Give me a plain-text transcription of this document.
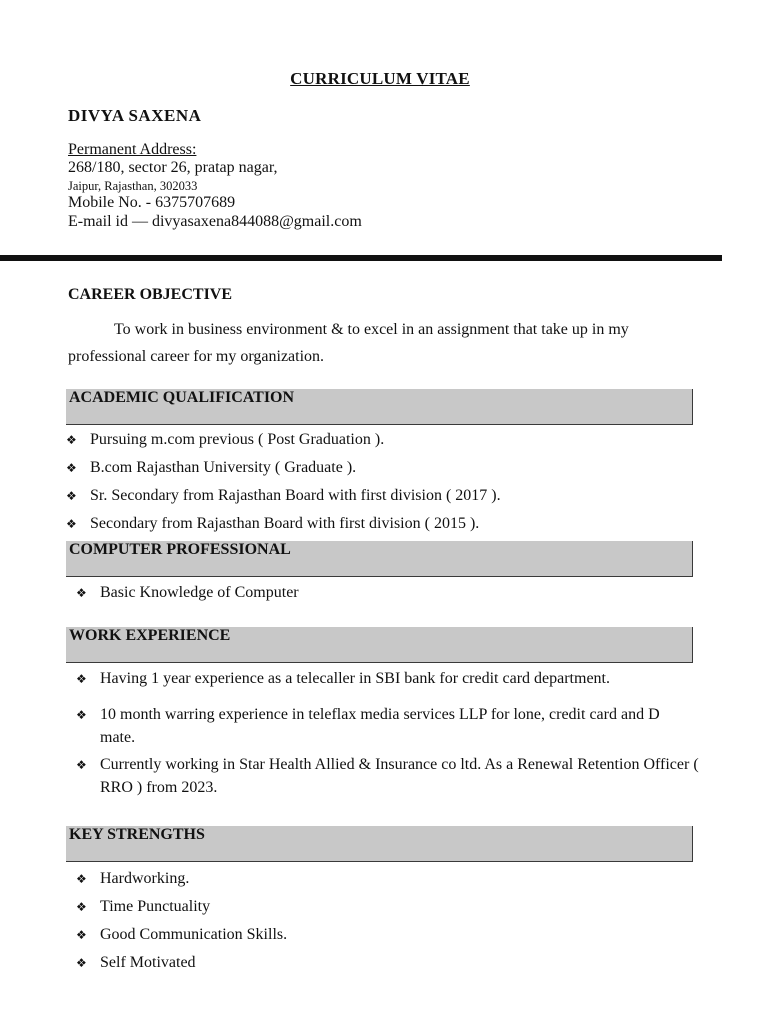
CURRICULUM VITAE
DIVYA SAXENA
Permanent Address:
268/180, sector 26, pratap nagar,
Jaipur, Rajasthan, 302033
Mobile No. - 6375707689
E-mail id — divyasaxena844088@gmail.com
CAREER OBJECTIVE
To work in business environment & to excel in an assignment that take up in my
professional career for my organization.
ACADEMIC QUALIFICATION
❖ Pursuing m.com previous ( Post Graduation ).
❖ B.com Rajasthan University ( Graduate ).
❖ Sr. Secondary from Rajasthan Board with first division ( 2017 ).
❖ Secondary from Rajasthan Board with first division ( 2015 ).
COMPUTER PROFESSIONAL
❖ Basic Knowledge of Computer
WORK EXPERIENCE
❖ Having 1 year experience as a telecaller in SBI bank for credit card department.
❖ 10 month warring experience in teleflax media services LLP for lone, credit card and D mate.
❖ Currently working in Star Health Allied & Insurance co ltd. As a Renewal Retention Officer ( RRO ) from 2023.
KEY STRENGTHS
❖ Hardworking.
❖ Time Punctuality
❖ Good Communication Skills.
❖ Self Motivated
